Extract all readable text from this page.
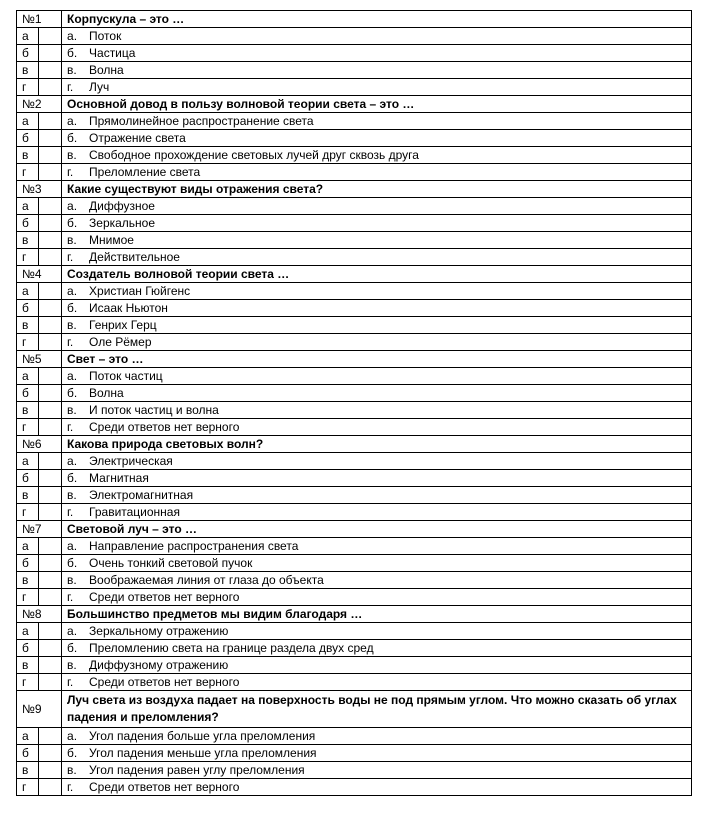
№1		Корпускула – это …
а		а. Поток
б		б. Частица
в		в. Волна
г		г. Луч
№2		Основной довод в пользу волновой теории света – это …
а		а. Прямолинейное распространение света
б		б. Отражение света
в		в. Свободное прохождение световых лучей друг сквозь друга
г		г. Преломление света
№3		Какие существуют виды отражения света?
а		а. Диффузное
б		б. Зеркальное
в		в. Мнимое
г		г. Действительное
№4		Создатель волновой теории света …
а		а. Христиан Гюйгенс
б		б. Исаак Ньютон
в		в. Генрих Герц
г		г. Оле Рёмер
№5		Свет – это …
а		а. Поток частиц
б		б. Волна
в		в. И поток частиц и волна
г		г. Среди ответов нет верного
№6		Какова природа световых волн?
а		а. Электрическая
б		б. Магнитная
в		в. Электромагнитная
г		г. Гравитационная
№7		Световой луч – это …
а		а. Направление распространения света
б		б. Очень тонкий световой пучок
в		в. Воображаемая линия от глаза до объекта
г		г. Среди ответов нет верного
№8		Большинство предметов мы видим благодаря …
а		а. Зеркальному отражению
б		б. Преломлению света на границе раздела двух сред
в		в. Диффузному отражению
г		г. Среди ответов нет верного
№9		Луч света из воздуха падает на поверхность воды не под прямым углом. Что можно сказать об углах падения и преломления?
а		а. Угол падения больше угла преломления
б		б. Угол падения меньше угла преломления
в		в. Угол падения равен углу преломления
г		г. Среди ответов нет верного
